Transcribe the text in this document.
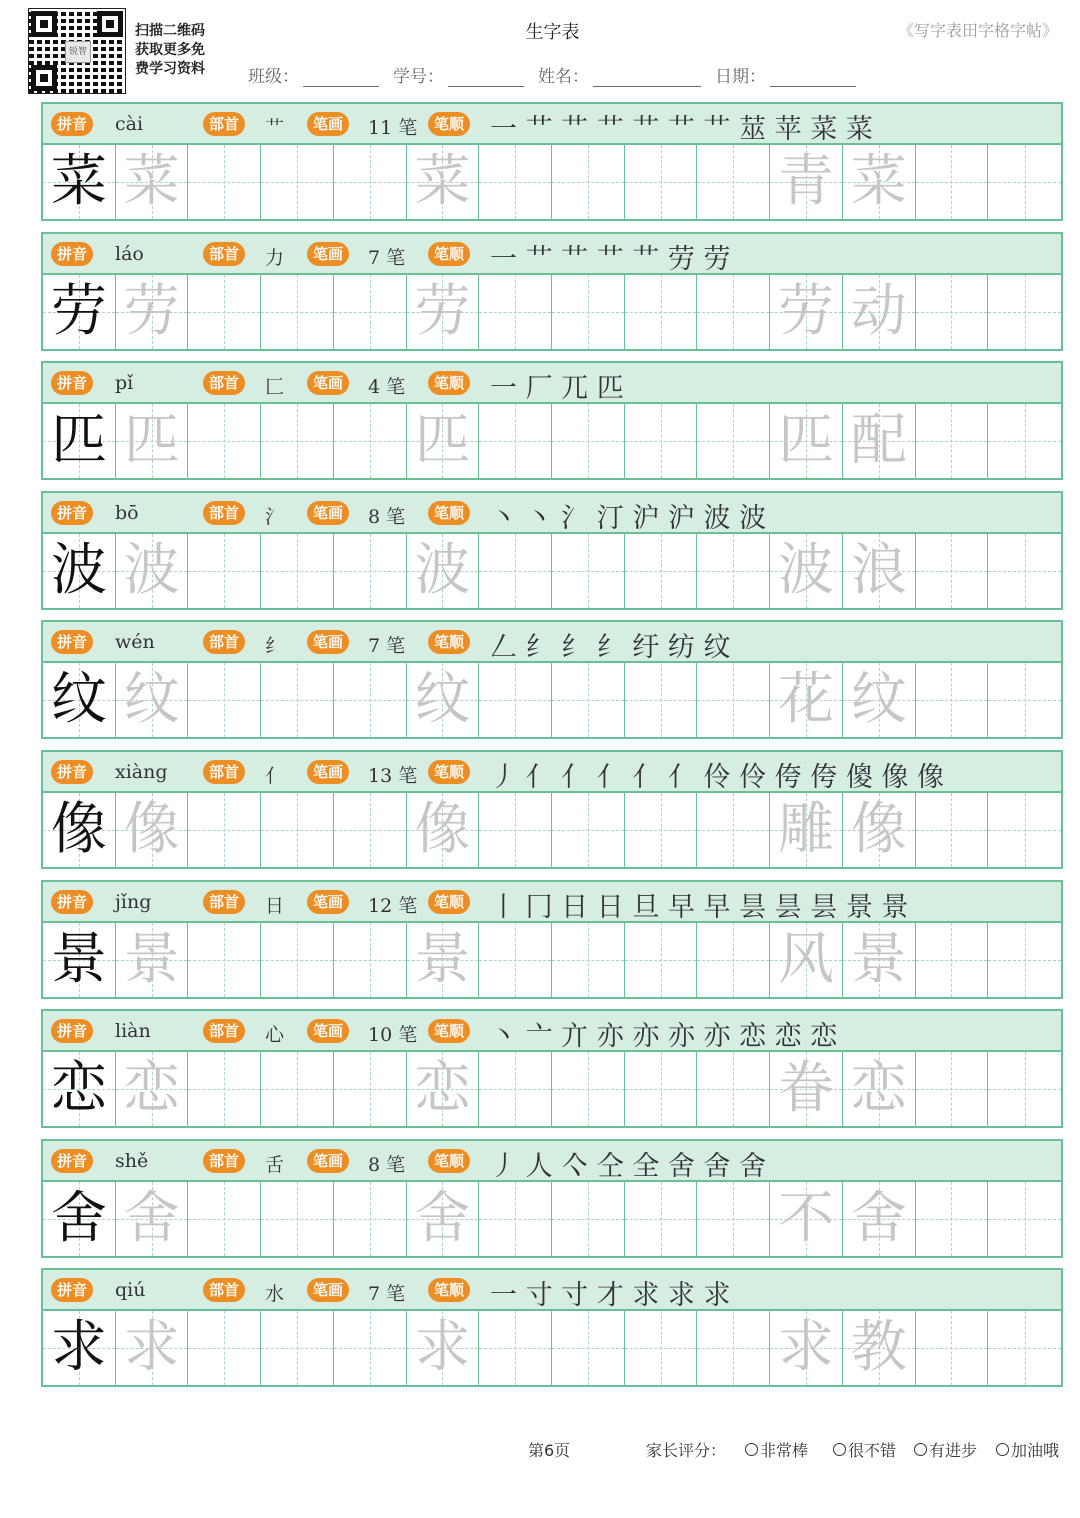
锐智
扫描二维码
获取更多免
费学习资料
生字表	《写字表田字格字帖》
班级：	学号：	姓名：	日期：
拼音	cài	部首	艹	笔画	11 笔	笔顺 一 ⺾ 艹 艹 艹 艹 艹 莁 苹 菜 菜
菜 菜	菜	青 菜
拼音	láo	部首	力	笔画	7 笔	笔顺 一 ⺾ 艹 艹 艹 劳 劳
劳 劳	劳	劳 动
拼音	pǐ	部首	匚	笔画	4 笔	笔顺 一 厂 兀 匹
匹 匹	匹	匹 配
拼音	bō	部首	氵	笔画	8 笔	笔顺 丶 丶 氵 汀 沪 沪 波 波
波 波	波	波 浪
拼音	wén	部首	纟	笔画	7 笔	笔顺 𠃋 纟 纟 纟 纡 纺 纹
纹 纹	纹	花 纹
拼音	xiàng	部首	亻	笔画	13 笔	笔顺 丿 亻 亻 亻 亻 亻 伶 伶 侉 侉 傻 像 像
像 像	像	雕 像
拼音	jǐng	部首	日	笔画	12 笔	笔顺 丨 冂 日 日 旦 早 早 昙 昙 昙 景 景
景 景	景	风 景
拼音	liàn	部首	心	笔画	10 笔	笔顺 丶 亠 亣 亦 亦 亦 亦 恋 恋 恋
恋 恋	恋	眷 恋
拼音	shě	部首	舌	笔画	8 笔	笔顺 丿 人 亽 仝 全 舍 舍 舍
舍 舍	舍	不 舍
拼音	qiú	部首	水	笔画	7 笔	笔顺 一 寸 寸 才 求 求 求
求 求	求	求 教
第6页	家长评分： 非常棒 很不错 有进步 加油哦
